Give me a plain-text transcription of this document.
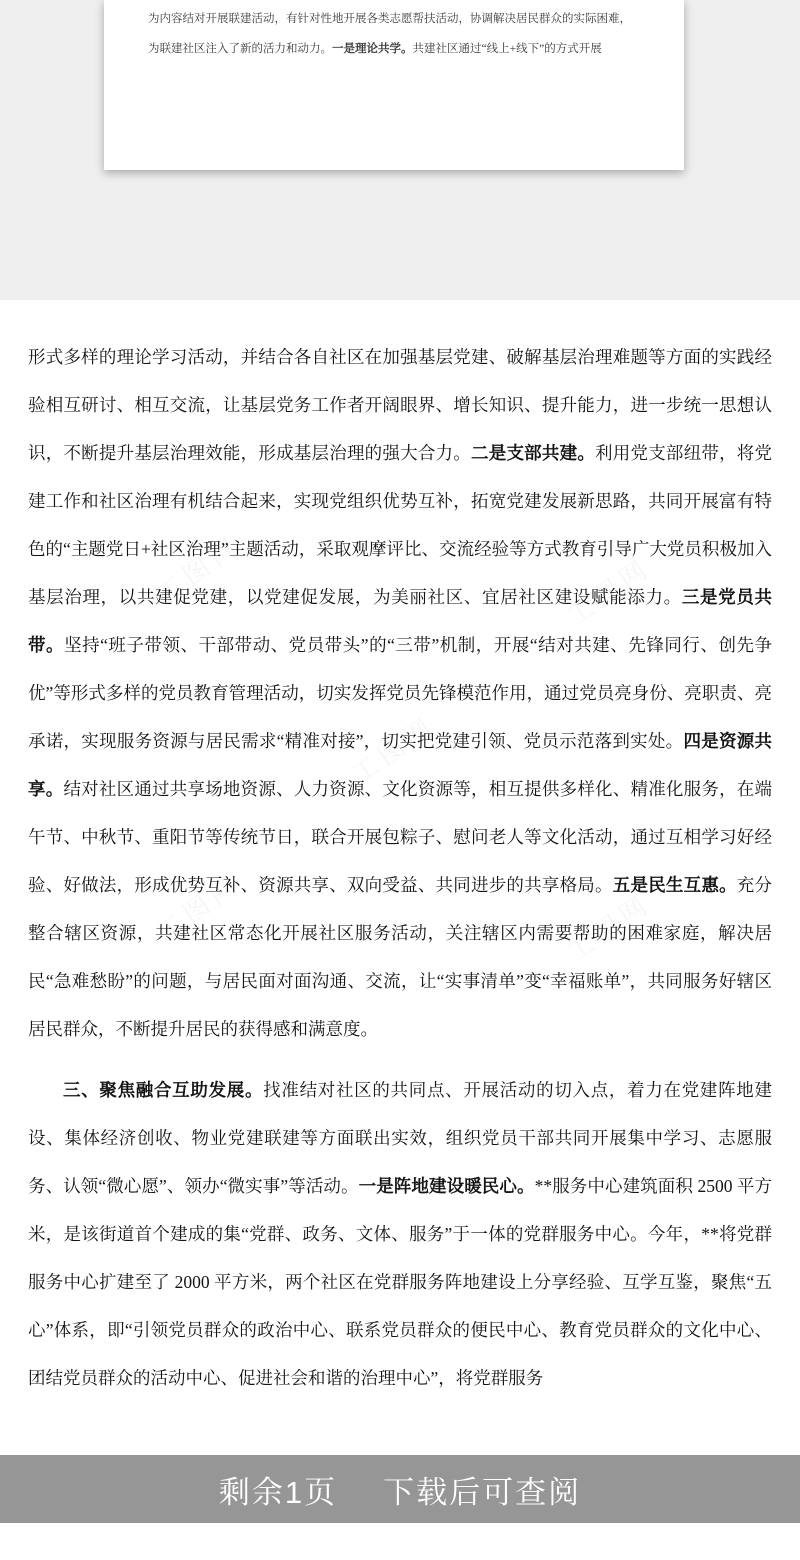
为内容结对开展联建活动，有针对性地开展各类志愿帮扶活动，协调解决居民群众的实际困难，
为联建社区注入了新的活力和动力。一是理论共学。共建社区通过“线上+线下”的方式开展
工图网	工图网
工图网
工图网	工图网
形式多样的理论学习活动，并结合各自社区在加强基层党建、破解基层治理难题等方面的实践经验相互研讨、相互交流，让基层党务工作者开阔眼界、增长知识、提升能力，进一步统一思想认识，不断提升基层治理效能，形成基层治理的强大合力。二是支部共建。利用党支部纽带，将党建工作和社区治理有机结合起来，实现党组织优势互补，拓宽党建发展新思路，共同开展富有特色的“主题党日+社区治理”主题活动，采取观摩评比、交流经验等方式教育引导广大党员积极加入基层治理，以共建促党建，以党建促发展，为美丽社区、宜居社区建设赋能添力。三是党员共带。坚持“班子带领、干部带动、党员带头”的“三带”机制，开展“结对共建、先锋同行、创先争优”等形式多样的党员教育管理活动，切实发挥党员先锋模范作用，通过党员亮身份、亮职责、亮承诺，实现服务资源与居民需求“精准对接”，切实把党建引领、党员示范落到实处。四是资源共享。结对社区通过共享场地资源、人力资源、文化资源等，相互提供多样化、精准化服务，在端午节、中秋节、重阳节等传统节日，联合开展包粽子、慰问老人等文化活动，通过互相学习好经验、好做法，形成优势互补、资源共享、双向受益、共同进步的共享格局。五是民生互惠。充分整合辖区资源，共建社区常态化开展社区服务活动，关注辖区内需要帮助的困难家庭，解决居民“急难愁盼”的问题，与居民面对面沟通、交流，让“实事清单”变“幸福账单”，共同服务好辖区居民群众，不断提升居民的获得感和满意度。
三、聚焦融合互助发展。找准结对社区的共同点、开展活动的切入点，着力在党建阵地建设、集体经济创收、物业党建联建等方面联出实效，组织党员干部共同开展集中学习、志愿服务、认领“微心愿”、领办“微实事”等活动。一是阵地建设暖民心。**服务中心建筑面积 2500 平方米，是该街道首个建成的集“党群、政务、文体、服务”于一体的党群服务中心。今年，**将党群服务中心扩建至了 2000 平方米，两个社区在党群服务阵地建设上分享经验、互学互鉴，聚焦“五心”体系，即“引领党员群众的政治中心、联系党员群众的便民中心、教育党员群众的文化中心、团结党员群众的活动中心、促进社会和谐的治理中心”，将党群服务
剩余1页 下载后可查阅
